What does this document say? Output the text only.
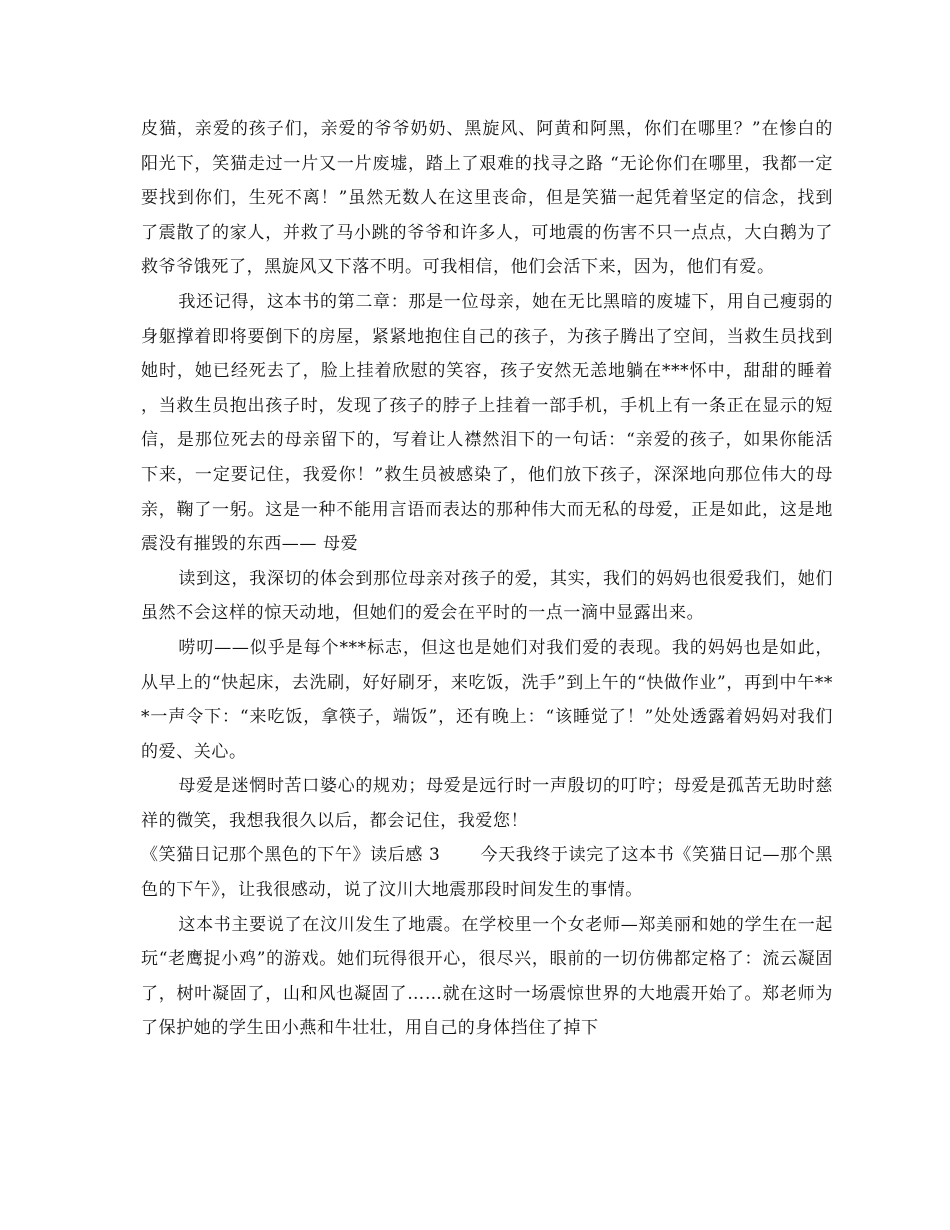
皮猫，亲爱的孩子们，亲爱的爷爷奶奶、黑旋风、阿黄和阿黑，你们在哪里？”在惨白的阳光下，笑猫走过一片又一片废墟，踏上了艰难的找寻之路 “无论你们在哪里，我都一定要找到你们，生死不离！”虽然无数人在这里丧命，但是笑猫一起凭着坚定的信念，找到了震散了的家人，并救了马小跳的爷爷和许多人，可地震的伤害不只一点点，大白鹅为了救爷爷饿死了，黑旋风又下落不明。可我相信，他们会活下来，因为，他们有爱。

我还记得，这本书的第二章：那是一位母亲，她在无比黑暗的废墟下，用自己瘦弱的身躯撑着即将要倒下的房屋，紧紧地抱住自己的孩子，为孩子腾出了空间，当救生员找到她时，她已经死去了，脸上挂着欣慰的笑容，孩子安然无恙地躺在***怀中，甜甜的睡着，当救生员抱出孩子时，发现了孩子的脖子上挂着一部手机，手机上有一条正在显示的短信，是那位死去的母亲留下的，写着让人襟然泪下的一句话：“亲爱的孩子，如果你能活下来，一定要记住，我爱你！”救生员被感染了，他们放下孩子，深深地向那位伟大的母亲，鞠了一躬。这是一种不能用言语而表达的那种伟大而无私的母爱，正是如此，这是地震没有摧毁的东西—— 母爱

读到这，我深切的体会到那位母亲对孩子的爱，其实，我们的妈妈也很爱我们，她们虽然不会这样的惊天动地，但她们的爱会在平时的一点一滴中显露出来。

唠叨——似乎是每个***标志，但这也是她们对我们爱的表现。我的妈妈也是如此，从早上的“快起床，去洗刷，好好刷牙，来吃饭，洗手”到上午的“快做作业”，再到中午***一声令下：“来吃饭，拿筷子，端饭”，还有晚上：“该睡觉了！”处处透露着妈妈对我们的爱、关心。

母爱是迷惘时苦口婆心的规劝；母爱是远行时一声殷切的叮咛；母爱是孤苦无助时慈祥的微笑，我想我很久以后，都会记住，我爱您！

《笑猫日记那个黑色的下午》读后感 3 今天我终于读完了这本书《笑猫日记—那个黑色的下午》，让我很感动，说了汶川大地震那段时间发生的事情。

这本书主要说了在汶川发生了地震。在学校里一个女老师—郑美丽和她的学生在一起玩“老鹰捉小鸡”的游戏。她们玩得很开心，很尽兴，眼前的一切仿佛都定格了：流云凝固了，树叶凝固了，山和风也凝固了……就在这时一场震惊世界的大地震开始了。郑老师为了保护她的学生田小燕和牛壮壮，用自己的身体挡住了掉下
